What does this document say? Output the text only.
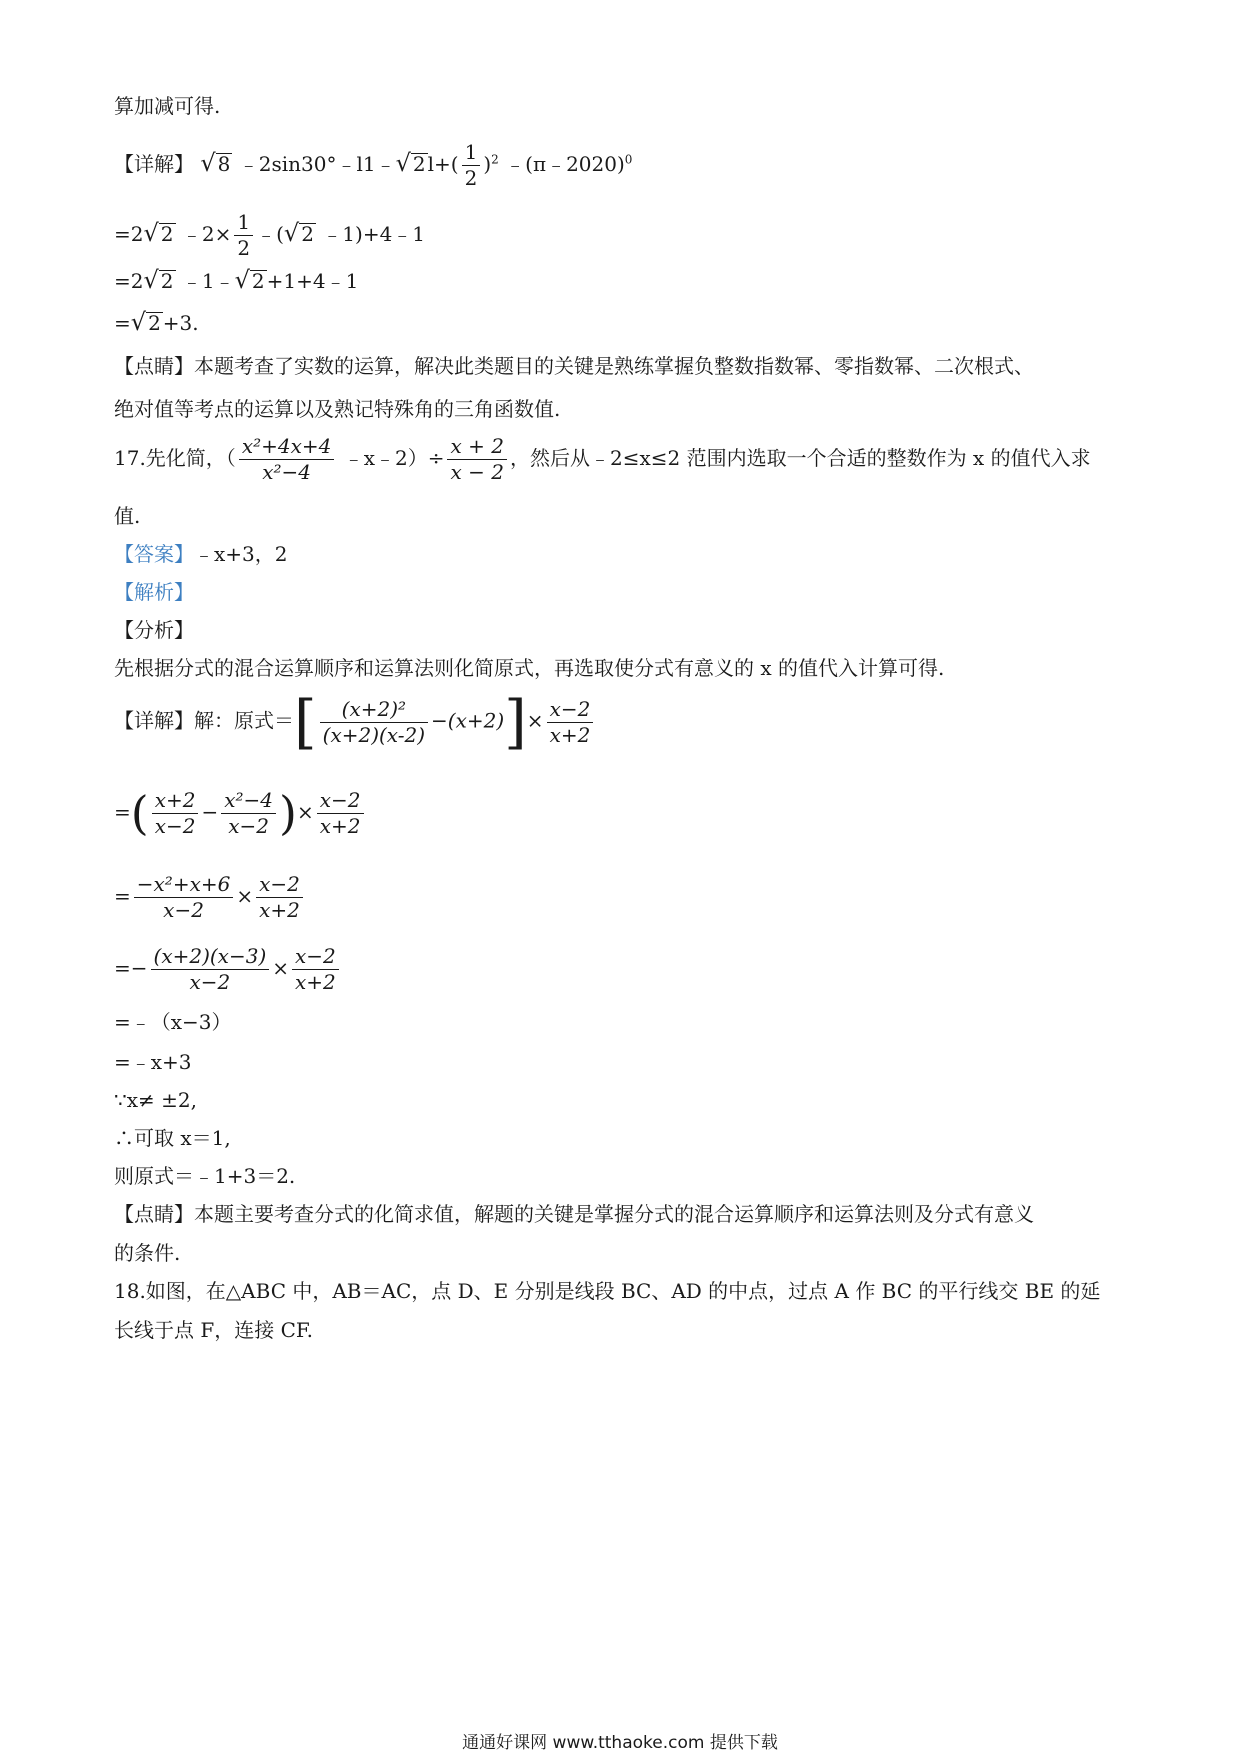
算加减可得.
【详解】 √ 8 ﹣2sin30°﹣l1﹣√ 2 $l+( \frac{1}{2} )^2$ ﹣(π﹣2020)$^0$
=2√ 2 ﹣2× $\frac{1}{2}$ ﹣(√ 2 ﹣1)+4﹣1
=2√ 2 ﹣1﹣√ 2 +1+4﹣1
=√ 2 +3.
【点睛】本题考查了实数的运算，解决此类题目的关键是熟练掌握负整数指数幂、零指数幂、二次根式、
绝对值等考点的运算以及熟记特殊角的三角函数值.
17.先化简，（ $\frac{\text{x²+4x+4}}{\text{x²−4}}$ ﹣x﹣2）÷ $\frac{x + 2}{x - 2}$ ，然后从﹣2≤x≤2 范围内选取一个合适的整数作为 x 的值代入求
值.
【答案】﹣x+3，2
【解析】
【分析】
先根据分式的混合运算顺序和运算法则化简原式，再选取使分式有意义的 x 的值代入计算可得.
【详解】解：原式＝[ $\frac{\text{(x+2)²}}{(x+2)(x-2)} -(x+2)]\times \frac{x-2}{x+2}$
=( $\frac{x+2}{x-2} - \frac{\text{x²−4}}{x-2}$ )× $\frac{x-2}{x+2}$
= $\frac{\text{−x²+x+6}}{x-2} \times \frac{x-2}{x+2}$
=− $\frac{(x+2)(x-3)}{x-2} \times \frac{x-2}{x+2}$
=﹣（x−3）
=﹣x+3
∵x≠ ±2,
∴可取 x＝1,
则原式＝﹣1+3＝2.
【点睛】本题主要考查分式的化简求值，解题的关键是掌握分式的混合运算顺序和运算法则及分式有意义
的条件.
18.如图，在△ABC 中，AB＝AC，点 D、E 分别是线段 BC、AD 的中点，过点 A 作 BC 的平行线交 BE 的延
长线于点 F，连接 CF.
通通好课网 www.tthaoke.com 提供下载
